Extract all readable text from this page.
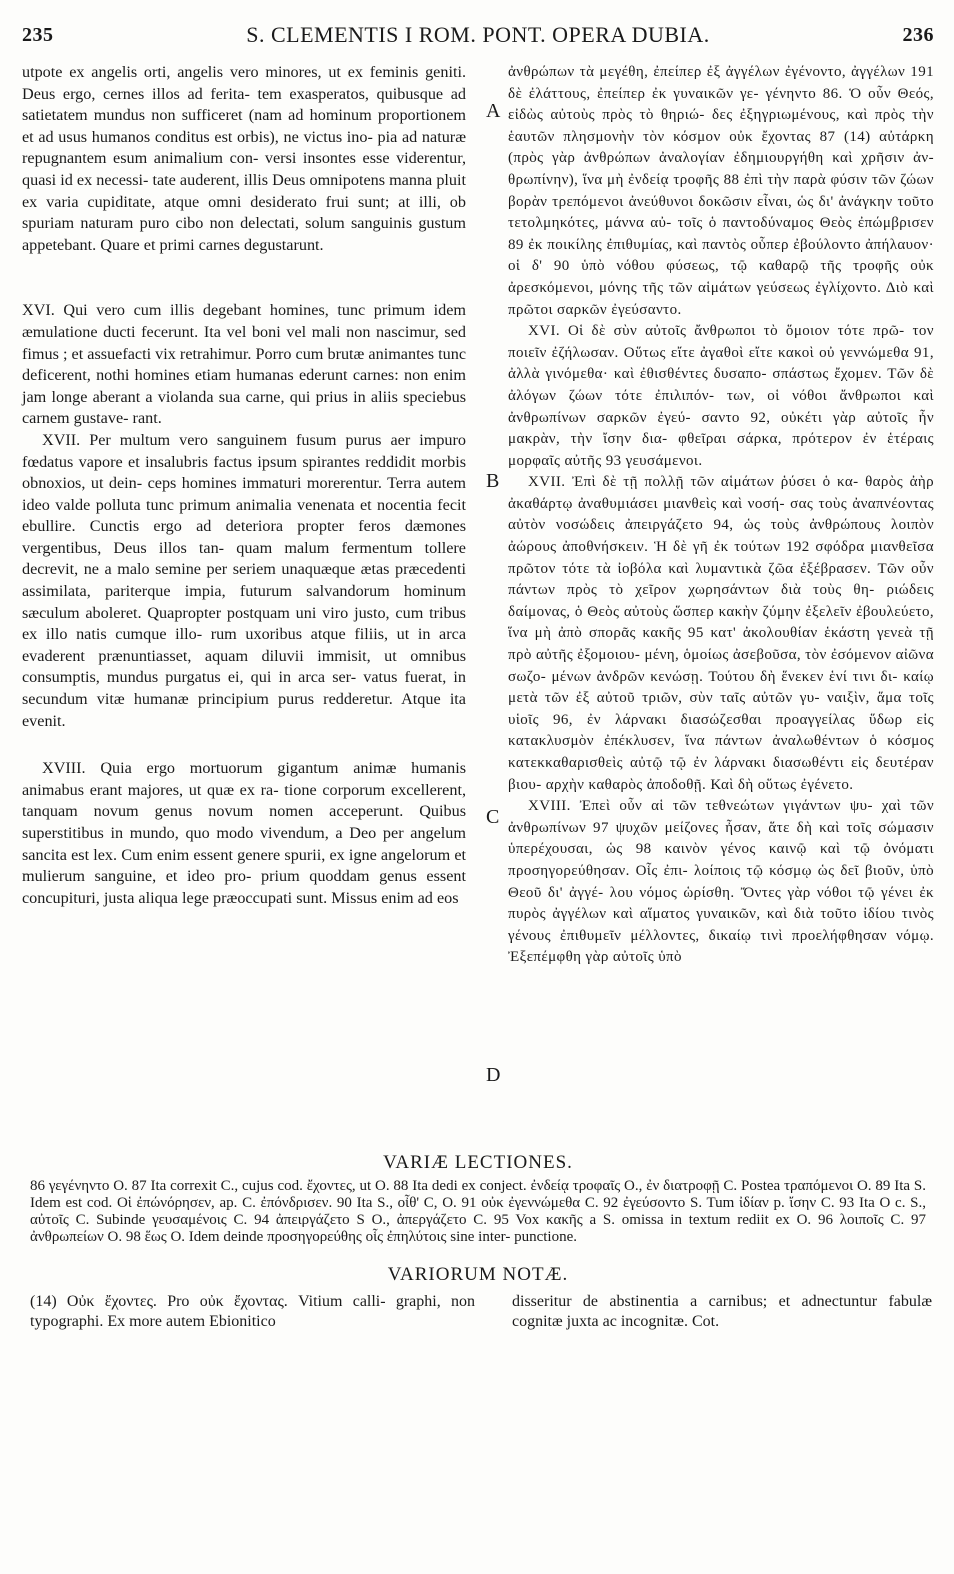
235	S. CLEMENTIS I ROM. PONT. OPERA DUBIA.	236

utpote ex angelis orti, angelis vero minores, ut ex feminis geniti. Deus ergo, cernes illos ad ferita- tem exasperatos, quibusque ad satietatem mundus non sufficeret (nam ad hominum proportionem et ad usus humanos conditus est orbis), ne victus ino- pia ad naturæ repugnantem esum animalium con- versi insontes esse viderentur, quasi id ex necessi- tate auderent, illis Deus omnipotens manna pluit ex varia cupiditate, atque omni desiderato frui sunt; at illi, ob spuriam naturam puro cibo non delectati, solum sanguinis gustum appetebant. Quare et primi carnes degustarunt.

XVI. Qui vero cum illis degebant homines, tunc primum idem æmulatione ducti fecerunt. Ita vel boni vel mali non nascimur, sed fimus ; et assuefacti vix retrahimur. Porro cum brutæ animantes tunc deficerent, nothi homines etiam humanas ederunt carnes: non enim jam longe aberant a violanda sua carne, qui prius in aliis speciebus carnem gustave- rant.

XVII. Per multum vero sanguinem fusum purus aer impuro fœdatus vapore et insalubris factus ipsum spirantes reddidit morbis obnoxios, ut dein- ceps homines immaturi morerentur. Terra autem ideo valde polluta tunc primum animalia venenata et nocentia fecit ebullire. Cunctis ergo ad deteriora propter feros dæmones vergentibus, Deus illos tan- quam malum fermentum tollere decrevit, ne a malo semine per seriem unaquæque ætas præcedenti assimilata, pariterque impia, futurum salvandorum hominum sæculum aboleret. Quapropter postquam uni viro justo, cum tribus ex illo natis cumque illo- rum uxoribus atque filiis, ut in arca evaderent prænuntiasset, aquam diluvii immisit, ut omnibus consumptis, mundus purgatus ei, qui in arca ser- vatus fuerat, in secundum vitæ humanæ principium purus redderetur. Atque ita evenit.

XVIII. Quia ergo mortuorum gigantum animæ humanis animabus erant majores, ut quæ ex ra- tione corporum excellerent, tanquam novum genus novum nomen acceperunt. Quibus superstitibus in mundo, quo modo vivendum, a Deo per angelum sancita est lex. Cum enim essent genere spurii, ex igne angelorum et mulierum sanguine, et ideo pro- prium quoddam genus essent concupituri, justa aliqua lege præoccupati sunt. Missus enim ad eos

A
B
C
D

ἀνθρώπων τὰ μεγέθη, ἐπείπερ ἐξ ἀγγέλων ἐγένοντο, ἀγγέλων 191 δὲ ἐλάττους, ἐπείπερ ἐκ γυναικῶν γε- γένηντο 86. Ὁ οὖν Θεός, εἰδὼς αὐτοὺς πρὸς τὸ θηριώ- δες ἐξηγριωμένους, καὶ πρὸς τὴν ἑαυτῶν πλησμονὴν τὸν κόσμον οὐκ ἔχοντας 87 (14) αὐτάρκη (πρὸς γὰρ ἀνθρώπων ἀναλογίαν ἐδημιουργήθη καὶ χρῆσιν ἀν- θρωπίνην), ἵνα μὴ ἐνδείᾳ τροφῆς 88 ἐπὶ τὴν παρὰ φύσιν τῶν ζώων βορὰν τρεπόμενοι ἀνεύθυνοι δοκῶσιν εἶναι, ὡς δι' ἀνάγκην τοῦτο τετολμηκότες, μάννα αὐ- τοῖς ὁ παντοδύναμος Θεὸς ἐπώμβρισεν 89 ἐκ ποικίλης ἐπιθυμίας, καὶ παντὸς οὗπερ ἐβούλοντο ἀπήλαυον· οἱ δ' 90 ὑπὸ νόθου φύσεως, τῷ καθαρῷ τῆς τροφῆς οὐκ ἀρεσκόμενοι, μόνης τῆς τῶν αἱμάτων γεύσεως ἐγλίχοντο. Διὸ καὶ πρῶτοι σαρκῶν ἐγεύσαντο.

XVI. Οἱ δὲ σὺν αὐτοῖς ἄνθρωποι τὸ ὅμοιον τότε πρῶ- τον ποιεῖν ἐζήλωσαν. Οὕτως εἴτε ἀγαθοὶ εἴτε κακοὶ οὐ γεννώμεθα 91, ἀλλὰ γινόμεθα· καὶ ἐθισθέντες δυσαπο- σπάστως ἔχομεν. Τῶν δὲ ἀλόγων ζώων τότε ἐπιλιπόν- των, οἱ νόθοι ἄνθρωποι καὶ ἀνθρωπίνων σαρκῶν ἐγεύ- σαντο 92, οὐκέτι γὰρ αὐτοῖς ἦν μακρὰν, τὴν ἴσην δια- φθεῖραι σάρκα, πρότερον ἐν ἑτέραις μορφαῖς αὐτῆς 93 γευσάμενοι.

XVII. Ἐπὶ δὲ τῇ πολλῇ τῶν αἱμάτων ῥύσει ὁ κα- θαρὸς ἀὴρ ἀκαθάρτῳ ἀναθυμιάσει μιανθεὶς καὶ νοσή- σας τοὺς ἀναπνέοντας αὐτὸν νοσώδεις ἀπειργάζετο 94, ὡς τοὺς ἀνθρώπους λοιπὸν ἀώρους ἀποθνήσκειν. Ἡ δὲ γῆ ἐκ τούτων 192 σφόδρα μιανθεῖσα πρῶτον τότε τὰ ἰοβόλα καὶ λυμαντικὰ ζῶα ἐξέβρασεν. Τῶν οὖν πάντων πρὸς τὸ χεῖρον χωρησάντων διὰ τοὺς θη- ριώδεις δαίμονας, ὁ Θεὸς αὐτοὺς ὥσπερ κακὴν ζύμην ἐξελεῖν ἐβουλεύετο, ἵνα μὴ ἀπὸ σπορᾶς κακῆς 95 κατ' ἀκολουθίαν ἑκάστη γενεὰ τῇ πρὸ αὐτῆς ἐξομοιου- μένη, ὁμοίως ἀσεβοῦσα, τὸν ἐσόμενον αἰῶνα σωζο- μένων ἀνδρῶν κενώσῃ. Τούτου δὴ ἕνεκεν ἑνί τινι δι- καίῳ μετὰ τῶν ἐξ αὐτοῦ τριῶν, σὺν ταῖς αὐτῶν γυ- ναιξὶν, ἅμα τοῖς υἱοῖς 96, ἐν λάρνακι διασώζεσθαι προαγγείλας ὕδωρ εἰς κατακλυσμὸν ἐπέκλυσεν, ἵνα πάντων ἀναλωθέντων ὁ κόσμος κατεκκαθαρισθεὶς αὐτῷ τῷ ἐν λάρνακι διασωθέντι εἰς δευτέραν βιου- αρχὴν καθαρὸς ἀποδοθῇ. Καὶ δὴ οὕτως ἐγένετο.

XVIII. Ἐπεὶ οὖν αἱ τῶν τεθνεώτων γιγάντων ψυ- χαὶ τῶν ἀνθρωπίνων 97 ψυχῶν μείζονες ἦσαν, ἅτε δὴ καὶ τοῖς σώμασιν ὑπερέχουσαι, ὡς 98 καινὸν γένος καινῷ καὶ τῷ ὀνόματι προσηγορεύθησαν. Οἷς ἐπι- λοίποις τῷ κόσμῳ ὡς δεῖ βιοῦν, ὑπὸ Θεοῦ δι' ἀγγέ- λου νόμος ὡρίσθη. Ὄντες γὰρ νόθοι τῷ γένει ἐκ πυρὸς ἀγγέλων καὶ αἵματος γυναικῶν, καὶ διὰ τοῦτο ἰδίου τινὸς γένους ἐπιθυμεῖν μέλλοντες, δικαίῳ τινὶ προελήφθησαν νόμῳ. Ἐξεπέμφθη γὰρ αὐτοῖς ὑπὸ

VARIÆ LECTIONES.
86 γεγένηντο O. 87 Ita correxit C., cujus cod. ἔχοντες, ut O. 88 Ita dedi ex conject. ἐνδείᾳ τροφαῖς O., ἐν διατροφῇ C. Postea τραπόμενοι O. 89 Ita S. Idem est cod. Οἱ ἐπώνόρησεν, ap. C. ἐπόνδρισεν. 90 Ita S., οἶθ' C, O. 91 οὐκ ἐγεννώμεθα C. 92 ἐγεύσοντο S. Tum ἰδίαν p. ἴσην C. 93 Ita O c. S., αὐτοῖς C. Subinde γευσαμένοις C. 94 ἀπειργάζετο S O., ἀπεργάζετο C. 95 Vox κακῆς a S. omissa in textum rediit ex O. 96 λοιποῖς C. 97 ἀνθρωπείων O. 98 ἕως O. Idem deinde προσηγορεύθης οἷς ἐπηλύτοις sine inter- punctione.
VARIORUM NOTÆ.
(14) Οὐκ ἔχοντες. Pro οὐκ ἔχοντας. Vitium calli- graphi, non typographi. Ex more autem Ebionitico
disseritur de abstinentia a carnibus; et adnectuntur fabulæ cognitæ juxta ac incognitæ. Cot.
